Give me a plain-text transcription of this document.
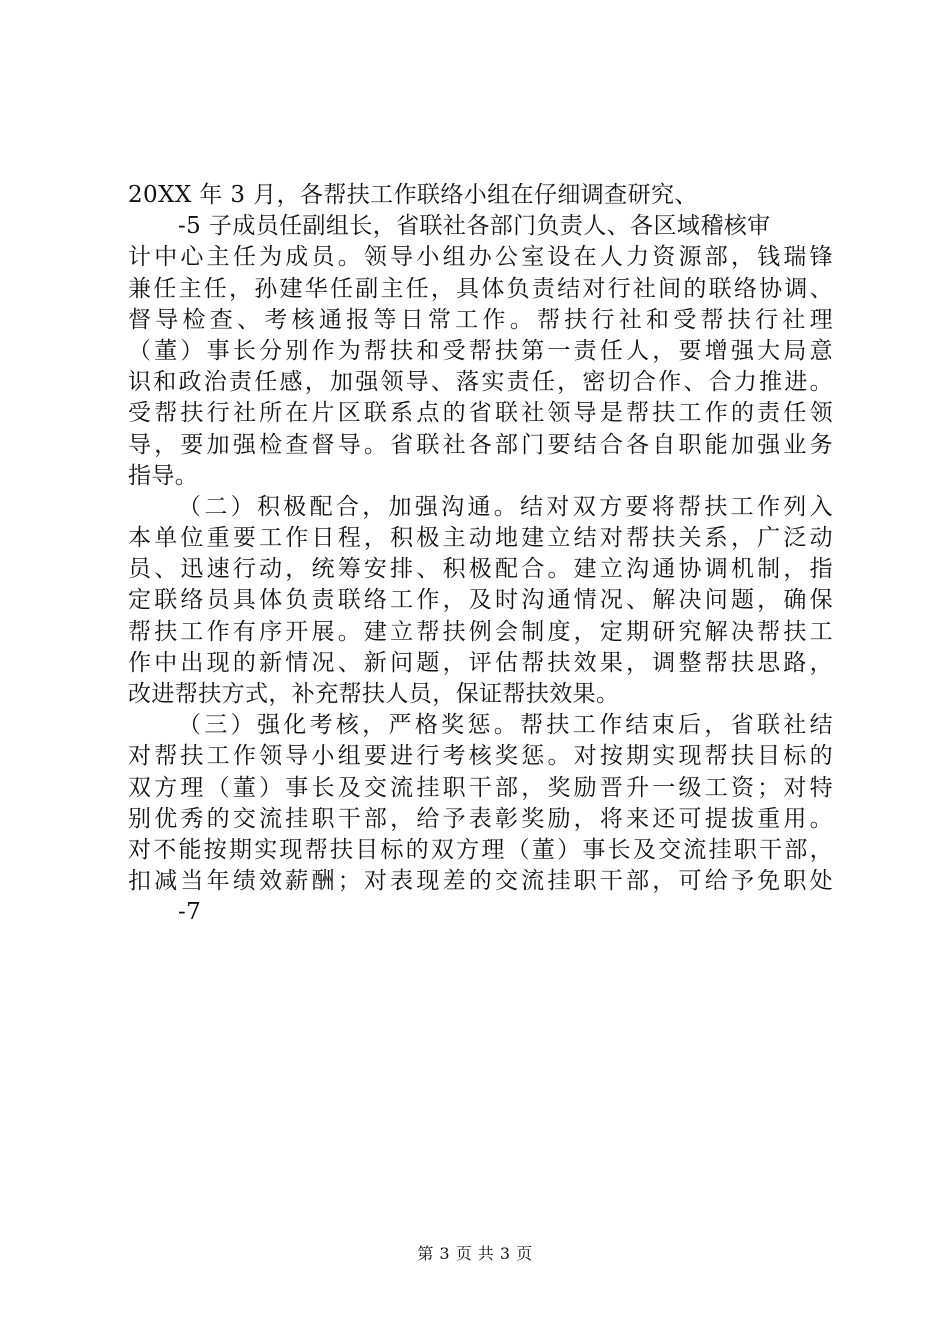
20XX 年 3 月，各帮扶工作联络小组在仔细调查研究、
-5 子成员任副组长，省联社各部门负责人、各区域稽核审
计中心主任为成员。领导小组办公室设在人力资源部，钱瑞锋
兼任主任，孙建华任副主任，具体负责结对行社间的联络协调、
督导检查、考核通报等日常工作。帮扶行社和受帮扶行社理
（董）事长分别作为帮扶和受帮扶第一责任人，要增强大局意
识和政治责任感，加强领导、落实责任，密切合作、合力推进。
受帮扶行社所在片区联系点的省联社领导是帮扶工作的责任领
导，要加强检查督导。省联社各部门要结合各自职能加强业务
指导。
（二）积极配合，加强沟通。结对双方要将帮扶工作列入
本单位重要工作日程，积极主动地建立结对帮扶关系，广泛动
员、迅速行动，统筹安排、积极配合。建立沟通协调机制，指
定联络员具体负责联络工作，及时沟通情况、解决问题，确保
帮扶工作有序开展。建立帮扶例会制度，定期研究解决帮扶工
作中出现的新情况、新问题，评估帮扶效果，调整帮扶思路，
改进帮扶方式，补充帮扶人员，保证帮扶效果。
（三）强化考核，严格奖惩。帮扶工作结束后，省联社结
对帮扶工作领导小组要进行考核奖惩。对按期实现帮扶目标的
双方理（董）事长及交流挂职干部，奖励晋升一级工资；对特
别优秀的交流挂职干部，给予表彰奖励，将来还可提拔重用。
对不能按期实现帮扶目标的双方理（董）事长及交流挂职干部，
扣减当年绩效薪酬；对表现差的交流挂职干部，可给予免职处
-7
第 3 页 共 3 页
